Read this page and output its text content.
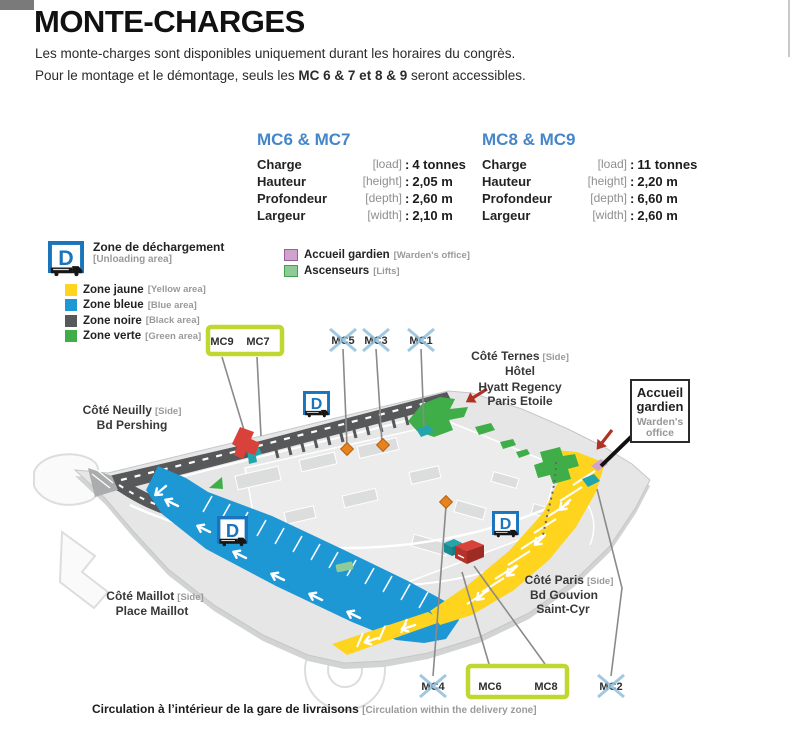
MONTE-CHARGES
Les monte-charges sont disponibles uniquement durant les horaires du congrès.
Pour le montage et le démontage, seuls les MC 6 & 7 et 8 & 9 seront accessibles.
MC6 & MC7
Charge	[load] : 4 tonnes
Hauteur	[height] : 2,05 m
Profondeur	[depth] : 2,60 m
Largeur	[width] : 2,10 m
MC8 & MC9
Charge	[load] : 11 tonnes
Hauteur	[height] : 2,20 m
Profondeur	[depth] : 6,60 m
Largeur	[width] : 2,60 m
Zone de déchargement
[Unloading area]
Zone jaune [Yellow area]
Zone bleue [Blue area]
Zone noire [Black area]
Zone verte [Green area]
Accueil gardien [Warden's office]
Ascenseurs [Lifts]
Côté Neuilly [Side]
Bd Pershing
Côté Maillot [Side]
Place Maillot
Côté Ternes [Side]
Hôtel
Hyatt Regency
Paris Etoile
Côté Paris [Side]
Bd Gouvion
Saint-Cyr
MC9 MC7
MC6	MC8
MC5 MC3 MC1
MC4	MC2
Accueil
gardien
Warden's
office
Circulation à l’intérieur de la gare de livraisons [Circulation within the delivery zone]
